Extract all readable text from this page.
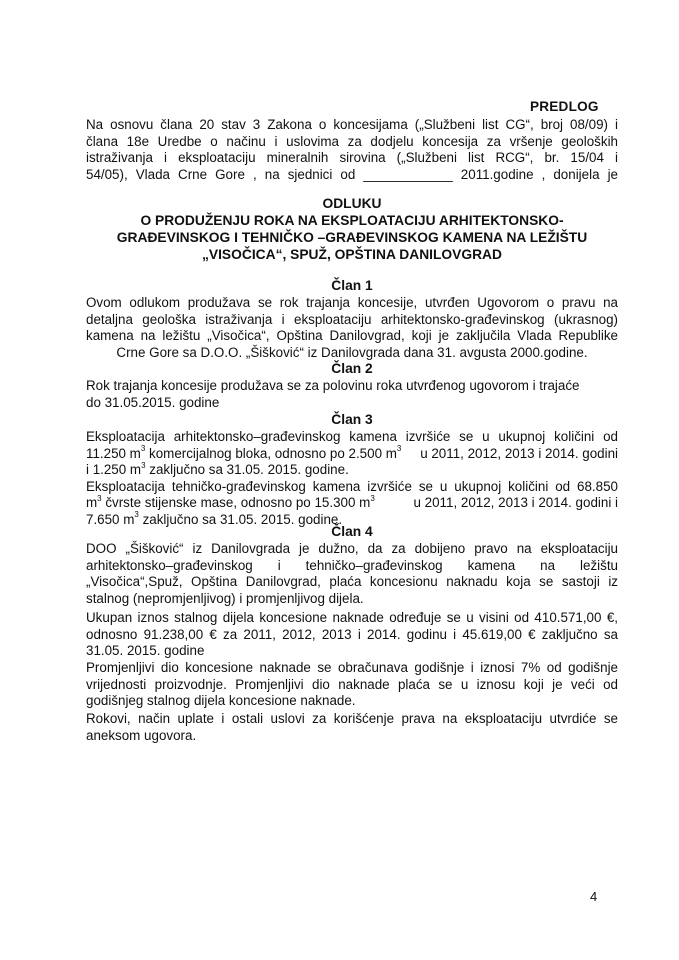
PREDLOG
Na osnovu člana 20 stav 3 Zakona o koncesijama („Službeni list CG“, broj 08/09) i
člana 18e Uredbe o načinu i uslovima za dodjelu koncesija za vršenje geoloških
istraživanja i eksploataciju mineralnih sirovina („Službeni list RCG“, br. 15/04 i
54/05), Vlada Crne Gore , na sjednici od ____________ 2011.godine , donijela je
ODLUKU
O PRODUŽENJU ROKA NA EKSPLOATACIJU ARHITEKTONSKO-
GRAĐEVINSKOG I TEHNIČKO –GRAĐEVINSKOG KAMENA NA LEŽIŠTU
„VISOČICA“, SPUŽ, OPŠTINA DANILOVGRAD
Član 1
Ovom odlukom produžava se rok trajanja koncesije, utvrđen Ugovorom o pravu na
detaljna geološka istraživanja i eksploataciju arhitektonsko-građevinskog (ukrasnog)
kamena na ležištu „Visočica“, Opština Danilovgrad, koji je zaključila Vlada Republike
Crne Gore sa D.O.O. „Šišković“ iz Danilovgrada dana 31. avgusta 2000.godine.
Član 2
Rok trajanja koncesije produžava se za polovinu roka utvrđenog ugovorom i trajaće
do 31.05.2015. godine
Član 3
Eksploatacija arhitektonsko–građevinskog kamena izvršiće se u ukupnoj količini od
11.250 $m^3$ komercijalnog bloka, odnosno po 2.500 $m^3$ u 2011, 2012, 2013 i 2014. godini
i 1.250 $m^3$ zaključno sa 31.05. 2015. godine.
Eksploatacija tehničko-građevinskog kamena izvršiće se u ukupnoj količini od 68.850
$m^3$ čvrste stijenske mase, odnosno po 15.300 $m^3$	u 2011, 2012, 2013 i 2014. godini i
7.650 $m^3$ zaključno sa 31.05. 2015. godine.
Član 4
DOO „Šišković“ iz Danilovgrada je dužno, da za dobijeno pravo na eksploataciju
arhitektonsko–građevinskog i tehničko–građevinskog kamena na ležištu
„Visočica“,Spuž, Opština Danilovgrad, plaća koncesionu naknadu koja se sastoji iz
stalnog (nepromjenljivog) i promjenljivog dijela.
Ukupan iznos stalnog dijela koncesione naknade određuje se u visini od 410.571,00 €,
odnosno 91.238,00 € za 2011, 2012, 2013 i 2014. godinu i 45.619,00 € zaključno sa
31.05. 2015. godine
Promjenljivi dio koncesione naknade se obračunava godišnje i iznosi 7% od godišnje
vrijednosti proizvodnje. Promjenljivi dio naknade plaća se u iznosu koji je veći od
godišnjeg stalnog dijela koncesione naknade.
Rokovi, način uplate i ostali uslovi za korišćenje prava na eksploataciju utvrdiće se
aneksom ugovora.
4
